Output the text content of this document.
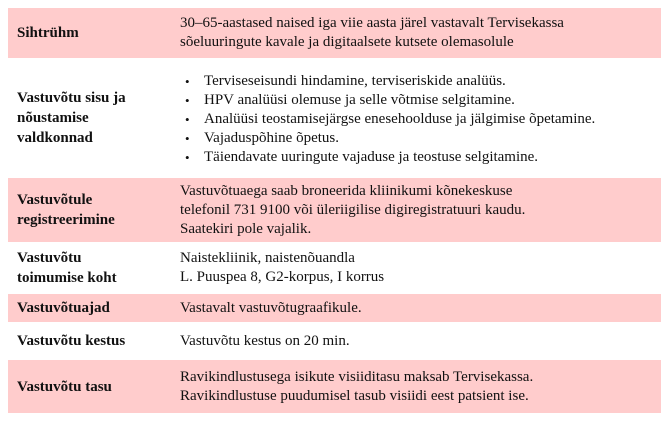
Sihtrühm

30–65-aastased naised iga viie aasta järel vastavalt Tervisekassa

sõeluuringute kavale ja digitaalsete kutsete olemasolule

Vastuvõtu sisu ja
nõustamise
valdkonnad
• Terviseseisundi hindamine, terviseriskide analüüs.
• HPV analüüsi olemuse ja selle võtmise selgitamine.
• Analüüsi teostamisejärgse enesehoolduse ja jälgimise õpetamine.
• Vajaduspõhine õpetus.
• Täiendavate uuringute vajaduse ja teostuse selgitamine.
Vastuvõtule
registreerimine

Vastuvõtuaega saab broneerida kliinikumi kõnekeskuse

telefonil 731 9100 või üleriigilise digiregistratuuri kaudu.

Saatekiri pole vajalik.

Vastuvõtu
toimumise koht

Naistekliinik, naistenõuandla

L. Puuspea 8, G2-korpus, I korrus

Vastuvõtuajad	Vastavalt vastuvõtugraafikule.

Vastuvõtu kestus	Vastuvõtu kestus on 20 min.

Vastuvõtu tasu

Ravikindlustusega isikute visiiditasu maksab Tervisekassa.

Ravikindlustuse puudumisel tasub visiidi eest patsient ise.
